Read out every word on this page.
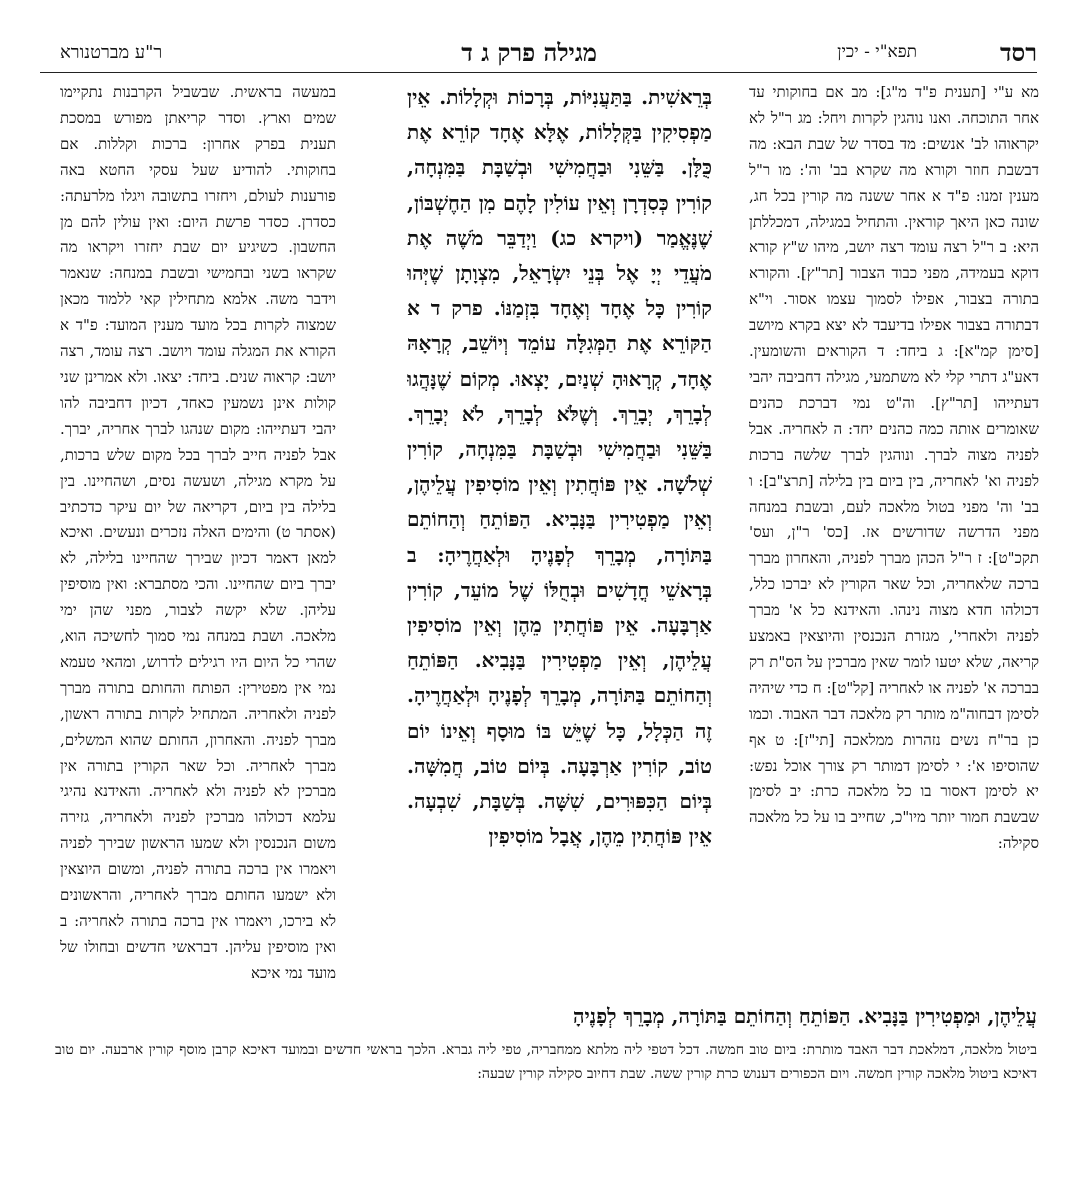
רסד
תפא"י - יכין
מגילה פרק ג ד
ר"ע מברטנורא

מא ע"י [תענית פ"ד מ"ג]: מב אם בחוקותי עד אחר התוכחה. ואנו נוהגין לקרות ויחל: מג ר"ל לא יקראוהו לב' אנשים: מד בסדר של שבת הבא: מה דבשבת חוזר וקורא מה שקרא בב' וה': מו ר"ל מענין זמנו: פ"ד א אחר ששנה מה קורין בכל חג, שונה כאן היאך קוראין. והתחיל במגילה, דמכללתן היא: ב ר"ל רצה עומד רצה יושב, מיהו ש"ץ קורא דוקא בעמידה, מפני כבוד הצבור [תר"ץ]. והקורא בתורה בצבור, אפילו לסמוך עצמו אסור. וי"א דבתורה בצבור אפילו בדיעבד לא יצא בקרא מיושב [סימן קמ"א]: ג ביחד: ד הקוראים והשומעין. דאע"ג דתרי קלי לא משתמעי, מגילה דחביבה יהבי דעתייהו [תר"ץ]. וה"ט נמי דברכת כהנים שאומרים אותה כמה כהנים יחד: ה לאחריה. אבל לפניה מצוה לברך. ונוהגין לברך שלשה ברכות לפניה וא' לאחריה, בין ביום בין בלילה [תרצ"ב]: ו בב' וה' מפני בטול מלאכה לעם, ובשבת במנחה מפני הדרשה שדורשים אז. [כס' ר"ן, ועס' תקכ"ט]: ז ר"ל הכהן מברך לפניה, והאחרון מברך ברכה שלאחריה, וכל שאר הקורין לא יברכו כלל, דכולהו חדא מצוה נינהו. והאידנא כל א' מברך לפניה ולאחרי', מגזרת הנכנסין והיוצאין באמצע קריאה, שלא יטעו לומר שאין מברכין על הס"ת רק בברכה א' לפניה או לאחריה [קל"ט]: ח כדי שיהיה לסימן דבחוה"מ מותר רק מלאכה דבר האבוד. וכמו כן בר"ח נשים נזהרות ממלאכה [תי"ז]: ט אף שהוסיפו א': י לסימן דמותר רק צורך אוכל נפש: יא לסימן דאסור בו כל מלאכה כרת: יב לסימן שבשבת חמור יותר מיו"כ, שחייב בו על כל מלאכה סקילה:

בְּרֵאשִׁית. בַּתַּעֲנִיּוֹת, בְּרָכוֹת וּקְלָלוֹת. אֵין מַפְסִיקִין בַּקְּלָלוֹת, אֶלָּא אֶחָד קוֹרֵא אֶת כֻּלָּן. בַּשֵּׁנִי וּבַחֲמִישִׁי וּבְשַׁבָּת בַּמִּנְחָה, קוֹרִין כְּסִדְרָן וְאֵין עוֹלִין לָהֶם מִן הַחֶשְׁבּוֹן, שֶׁנֶּאֱמַר (ויקרא כג) וַיְדַבֵּר מֹשֶׁה אֶת מֹעֲדֵי יְיָ אֶל בְּנֵי יִשְׂרָאֵל, מִצְוָתָן שֶׁיְּהוּ קוֹרִין כָּל אֶחָד וְאֶחָד בִּזְמַנּוֹ. פרק ד א הַקּוֹרֵא אֶת הַמְּגִלָּה עוֹמֵד וְיוֹשֵׁב, קְרָאָהּ אֶחָד, קְרָאוּהָ שְׁנַיִם, יָצְאוּ. מְקוֹם שֶׁנָּהֲגוּ לְבָרֵךְ, יְבָרֵךְ. וְשֶׁלֹּא לְבָרֵךְ, לֹא יְבָרֵךְ. בַּשֵּׁנִי וּבַחֲמִישִׁי וּבְשַׁבָּת בַּמִּנְחָה, קוֹרִין שְׁלֹשָׁה. אֵין פּוֹחֲתִין וְאֵין מוֹסִיפִין עֲלֵיהֶן, וְאֵין מַפְטִירִין בַּנָּבִיא. הַפּוֹתֵחַ וְהַחוֹתֵם בַּתּוֹרָה, מְבָרֵךְ לְפָנֶיהָ וּלְאַחֲרֶיהָ: ב בְּרָאשֵׁי חֳדָשִׁים וּבְחֻלּוֹ שֶׁל מוֹעֵד, קוֹרִין אַרְבָּעָה. אֵין פּוֹחֲתִין מֵהֶן וְאֵין מוֹסִיפִין עֲלֵיהֶן, וְאֵין מַפְטִירִין בַּנָּבִיא. הַפּוֹתֵחַ וְהַחוֹתֵם בַּתּוֹרָה, מְבָרֵךְ לְפָנֶיהָ וּלְאַחֲרֶיהָ. זֶה הַכְּלָל, כָּל שֶׁיֵּשׁ בּוֹ מוּסָף וְאֵינוֹ יוֹם טוֹב, קוֹרִין אַרְבָּעָה. בְּיוֹם טוֹב, חֲמִשָּׁה. בְּיוֹם הַכִּפּוּרִים, שִׁשָּׁה. בְּשַׁבָּת, שִׁבְעָה. אֵין פּוֹחֲתִין מֵהֶן, אֲבָל מוֹסִיפִין

במעשה בראשית. שבשביל הקרבנות נתקיימו שמים וארץ. וסדר קריאתן מפורש במסכת תענית בפרק אחרון: ברכות וקללות. אם בחוקותי. להודיע שעל עסקי החטא באה פורענות לעולם, ויחזרו בתשובה ויגלו מלרעתה: כסדרן. כסדר פרשת היום: ואין עולין להם מן החשבון. כשיגיע יום שבת יחזרו ויקראו מה שקראו בשני ובחמישי ובשבת במנחה: שנאמר וידבר משה. אלמא מתחילין קאי ללמוד מכאן שמצוה לקרות בכל מועד מענין המועד: פ"ד א הקורא את המגלה עומד ויושב. רצה עומד, רצה יושב: קראוה שנים. ביחד: יצאו. ולא אמרינן שני קולות אינן נשמעין כאחד, דכיון דחביבה להו יהבי דעתייהו: מקום שנהגו לברך אחריה, יברך. אבל לפניה חייב לברך בכל מקום שלש ברכות, על מקרא מגילה, ושעשה נסים, ושהחיינו. בין בלילה בין ביום, דקריאה של יום עיקר כדכתיב (אסתר ט) והימים האלה נזכרים ונעשים. ואיכא למאן דאמר דכיון שבירך שהחיינו בלילה, לא יברך ביום שהחיינו. והכי מסתברא: ואין מוסיפין עליהן. שלא יקשה לצבור, מפני שהן ימי מלאכה. ושבת במנחה נמי סמוך לחשיכה הוא, שהרי כל היום היו רגילים לדרוש, ומהאי טעמא נמי אין מפטירין: הפותח והחותם בתורה מברך לפניה ולאחריה. המתחיל לקרות בתורה ראשון, מברך לפניה. והאחרון, החותם שהוא המשלים, מברך לאחריה. וכל שאר הקורין בתורה אין מברכין לא לפניה ולא לאחריה. והאידנא נהיגי עלמא דכולהו מברכין לפניה ולאחריה, גזירה משום הנכנסין ולא שמעו הראשון שבירך לפניה ויאמרו אין ברכה בתורה לפניה, ומשום היוצאין ולא ישמעו החותם מברך לאחריה, והראשונים לא בירכו, ויאמרו אין ברכה בתורה לאחריה: ב ואין מוסיפין עליהן. דבראשי חדשים ובחולו של מועד נמי איכא

עֲלֵיהֶן, וּמַפְטִירִין בַּנָּבִיא. הַפּוֹתֵחַ וְהַחוֹתֵם בַּתּוֹרָה, מְבָרֵךְ לְפָנֶיהָ
ביטול מלאכה, דמלאכת דבר האבד מותרת: ביום טוב חמשה. דכל דטפי ליה מלתא ממחבריה, טפי ליה גברא. הלכך בראשי חדשים ובמועד דאיכא קרבן מוסף קורין ארבעה. יום טוב דאיכא ביטול מלאכה קורין חמשה. ויום הכפורים דענוש כרת קורין ששה. שבת דחיוב סקילה קורין שבעה:
